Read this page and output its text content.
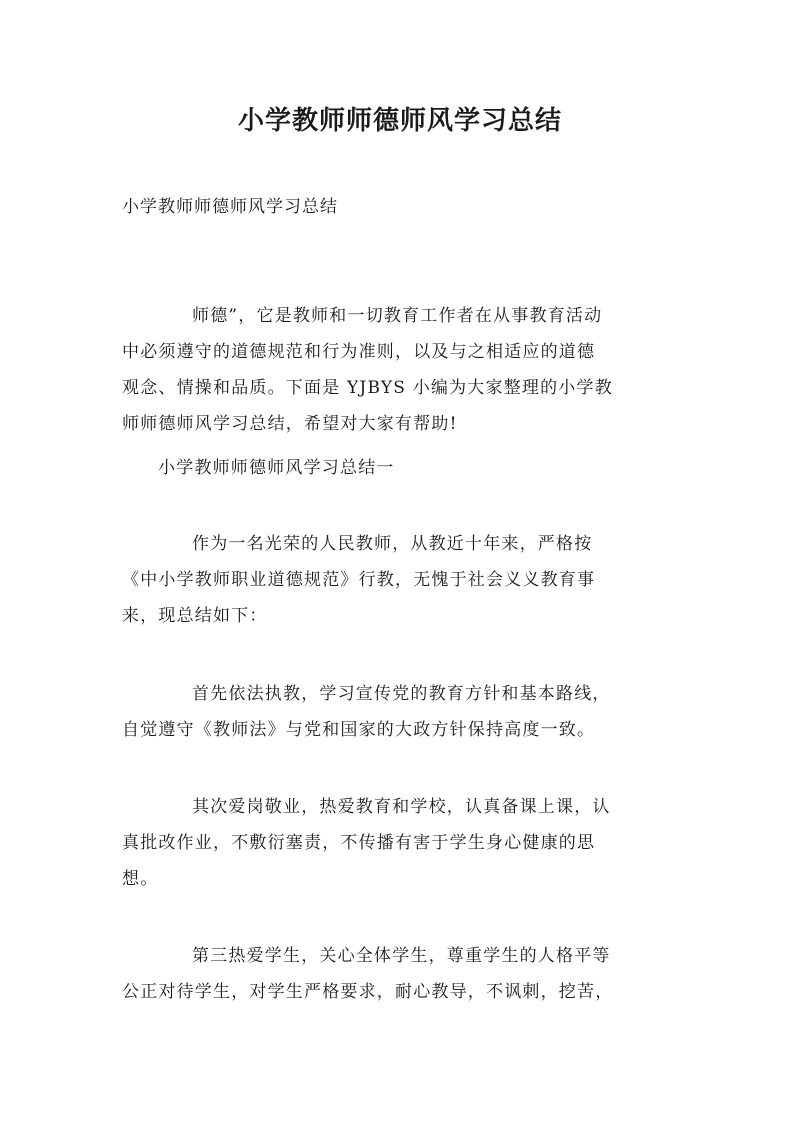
小学教师师德师风学习总结
小学教师师德师风学习总结
师德”，它是教师和一切教育工作者在从事教育活动
中必须遵守的道德规范和行为准则，以及与之相适应的道德
观念、情操和品质。下面是 YJBYS 小编为大家整理的小学教
师师德师风学习总结，希望对大家有帮助!
小学教师师德师风学习总结一
作为一名光荣的人民教师，从教近十年来，严格按
《中小学教师职业道德规范》行教，无愧于社会义义教育事
来，现总结如下：
首先依法执教，学习宣传党的教育方针和基本路线，
自觉遵守《教师法》与党和国家的大政方针保持高度一致。
其次爱岗敬业，热爱教育和学校，认真备课上课，认
真批改作业，不敷衍塞责，不传播有害于学生身心健康的思
想。
第三热爱学生，关心全体学生，尊重学生的人格平等
公正对待学生，对学生严格要求，耐心教导，不讽刺，挖苦，
